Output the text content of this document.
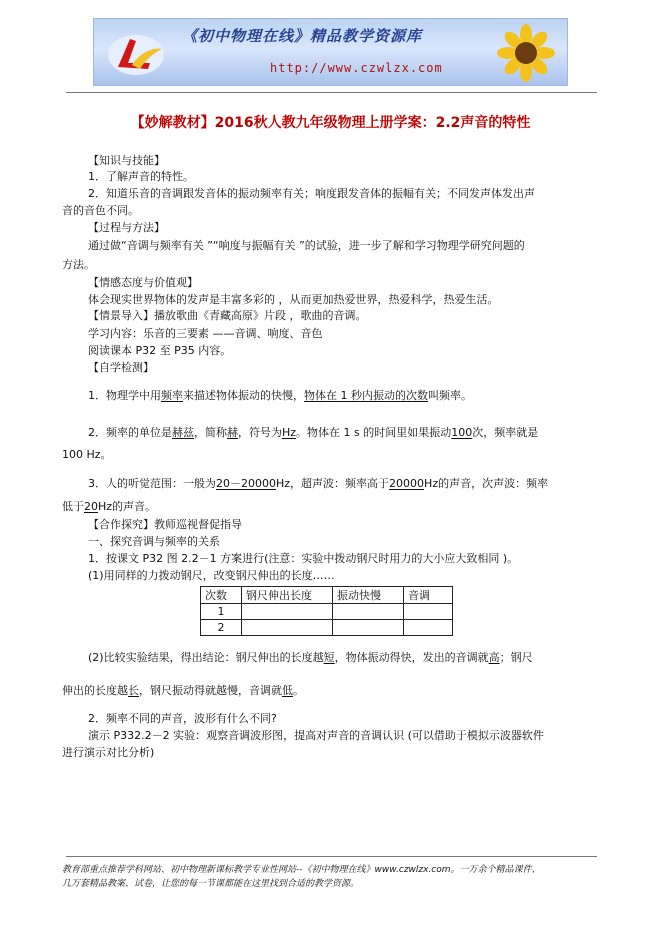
《初中物理在线》精品教学资源库
http://www.czwlzx.com
【妙解教材】2016秋人教九年级物理上册学案：2.2声音的特性
【知识与技能】
1．了解声音的特性。
2．知道乐音的音调跟发音体的振动频率有关；响度跟发音体的振幅有关；不同发声体发出声
音的音色不同。
【过程与方法】
通过做“音调与频率有关 ”“响度与振幅有关 ”的试验，进一步了解和学习物理学研究问题的
方法。
【情感态度与价值观】
体会现实世界物体的发声是丰富多彩的 ，从而更加热爱世界，热爱科学，热爱生活。
【情景导入】播放歌曲《青藏高原》片段 ，歌曲的音调。
学习内容：乐音的三要素 ——音调、响度、音色
阅读课本 P32 至 P35 内容。
【自学检测】
1．物理学中用频率来描述物体振动的快慢，物体在 1 秒内振动的次数叫频率。
2．频率的单位是赫兹，简称赫，符号为Hz。物体在 1 s 的时间里如果振动100次，频率就是
100 Hz。
3．人的听觉范围：一般为20－20000Hz，超声波：频率高于20000Hz的声音，次声波：频率
低于20Hz的声音。
【合作探究】教师巡视督促指导
一、探究音调与频率的关系
1．按课文 P32 图 2.2－1 方案进行(注意：实验中拨动钢尺时用力的大小应大致相同 )。
(1)用同样的力拨动钢尺，改变钢尺伸出的长度……
次数	钢尺伸出长度	振动快慢	音调
1			
2			
(2)比较实验结果，得出结论：钢尺伸出的长度越短，物体振动得快，发出的音调就高；钢尺
伸出的长度越长，钢尺振动得就越慢，音调就低。
2．频率不同的声音，波形有什么不同?
演示 P332.2－2 实验：观察音调波形图，提高对声音的音调认识 (可以借助于模拟示波器软件
进行演示对比分析)
教育部重点推荐学科网站、初中物理新课标教学专业性网站--《初中物理在线》www.czwlzx.com。一万余个精品课件、
几万套精品教案、试卷，让您的每一节课都能在这里找到合适的教学资源。
